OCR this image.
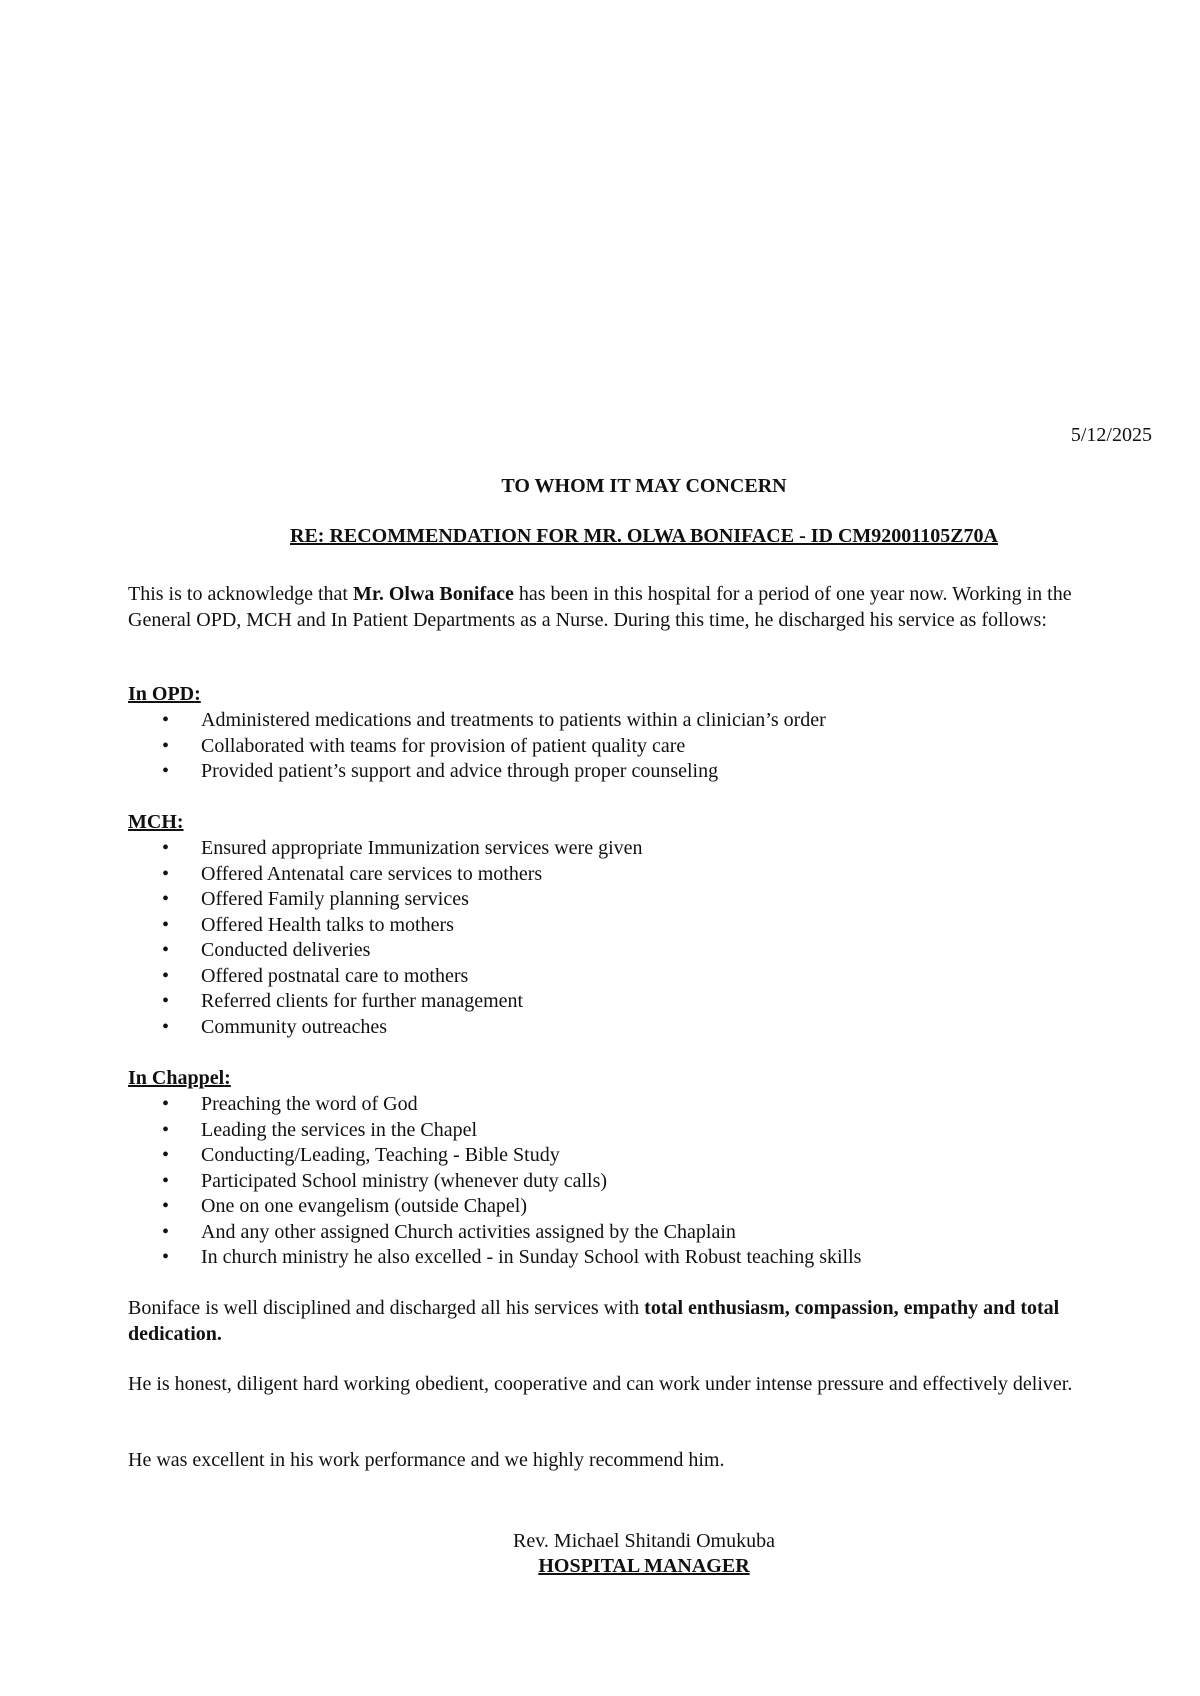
5/12/2025
TO WHOM IT MAY CONCERN
RE: RECOMMENDATION FOR MR. OLWA BONIFACE - ID CM92001105Z70A
This is to acknowledge that Mr. Olwa Boniface has been in this hospital for a period of one year now. Working in the General OPD, MCH and In Patient Departments as a Nurse. During this time, he discharged his service as follows:
In OPD:
• Administered medications and treatments to patients within a clinician’s order
• Collaborated with teams for provision of patient quality care
• Provided patient’s support and advice through proper counseling
MCH:
• Ensured appropriate Immunization services were given
• Offered Antenatal care services to mothers
• Offered Family planning services
• Offered Health talks to mothers
• Conducted deliveries
• Offered postnatal care to mothers
• Referred clients for further management
• Community outreaches
In Chappel:
• Preaching the word of God
• Leading the services in the Chapel
• Conducting/Leading, Teaching - Bible Study
• Participated School ministry (whenever duty calls)
• One on one evangelism (outside Chapel)
• And any other assigned Church activities assigned by the Chaplain
• In church ministry he also excelled - in Sunday School with Robust teaching skills
Boniface is well disciplined and discharged all his services with total enthusiasm, compassion, empathy and total dedication.
He is honest, diligent hard working obedient, cooperative and can work under intense pressure and effectively deliver.
He was excellent in his work performance and we highly recommend him.
Rev. Michael Shitandi Omukuba
HOSPITAL MANAGER
